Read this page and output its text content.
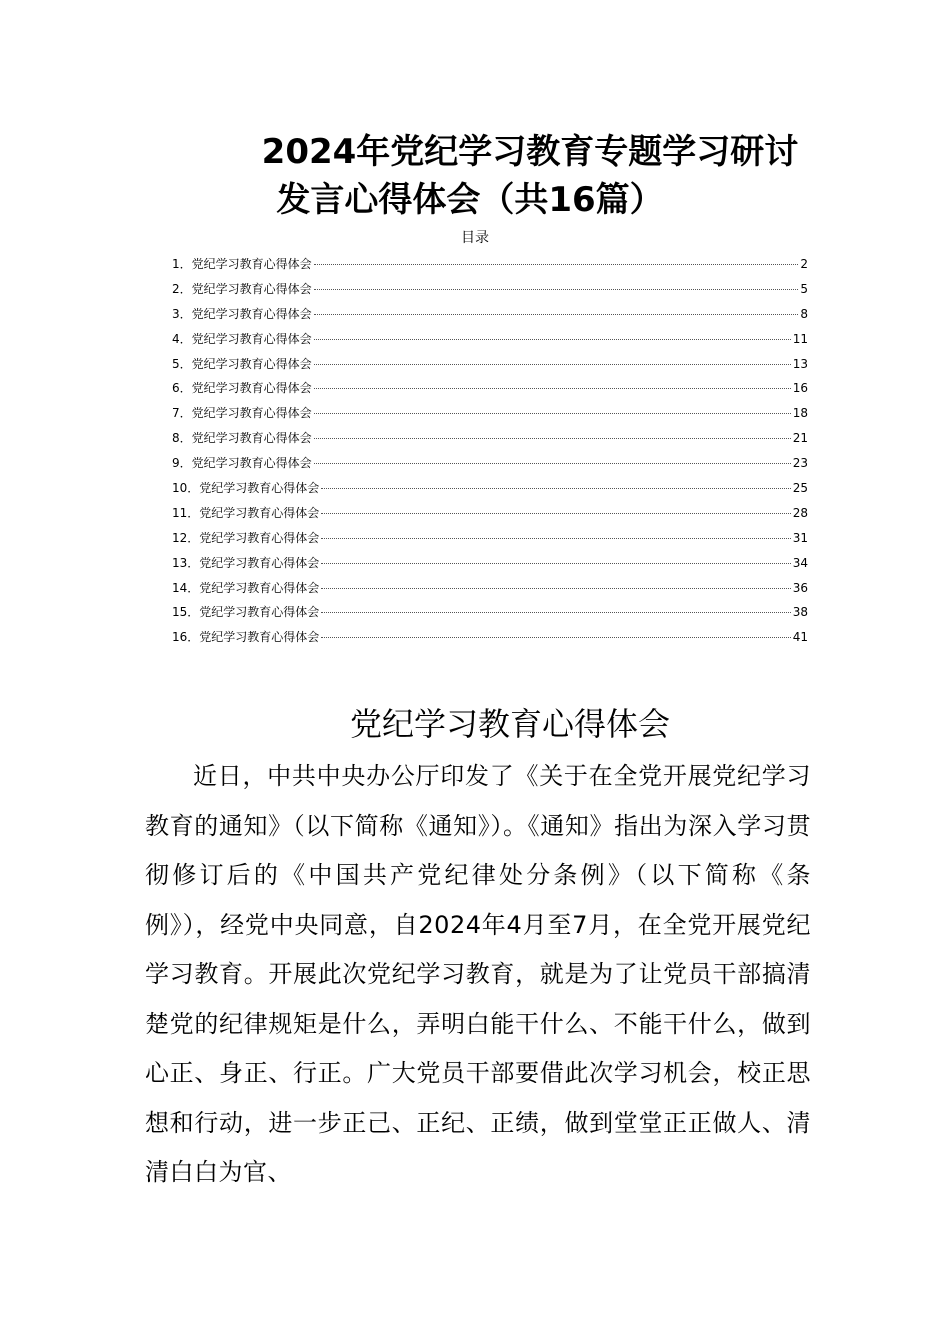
2024年党纪学习教育专题学习研讨
发言心得体会（共16篇）

目录

1． 党纪学习教育心得体会	2
2． 党纪学习教育心得体会	5
3． 党纪学习教育心得体会	8
4． 党纪学习教育心得体会	11
5． 党纪学习教育心得体会	13
6． 党纪学习教育心得体会	16
7． 党纪学习教育心得体会	18
8． 党纪学习教育心得体会	21
9． 党纪学习教育心得体会	23
10． 党纪学习教育心得体会	25
11． 党纪学习教育心得体会	28
12． 党纪学习教育心得体会	31
13． 党纪学习教育心得体会	34
14． 党纪学习教育心得体会	36
15． 党纪学习教育心得体会	38
16． 党纪学习教育心得体会	41
党纪学习教育心得体会

近日，中共中央办公厅印发了《关于在全党开展党纪学习教育的通知》（以下简称《通知》）。《通知》指出为深入学习贯彻修订后的《中国共产党纪律处分条例》（以下简称《条例》），经党中央同意，自2024年4月至7月，在全党开展党纪学习教育。开展此次党纪学习教育，就是为了让党员干部搞清楚党的纪律规矩是什么，弄明白能干什么、不能干什么，做到心正、身正、行正。广大党员干部要借此次学习机会，校正思想和行动，进一步正己、正纪、正绩，做到堂堂正正做人、清清白白为官、
